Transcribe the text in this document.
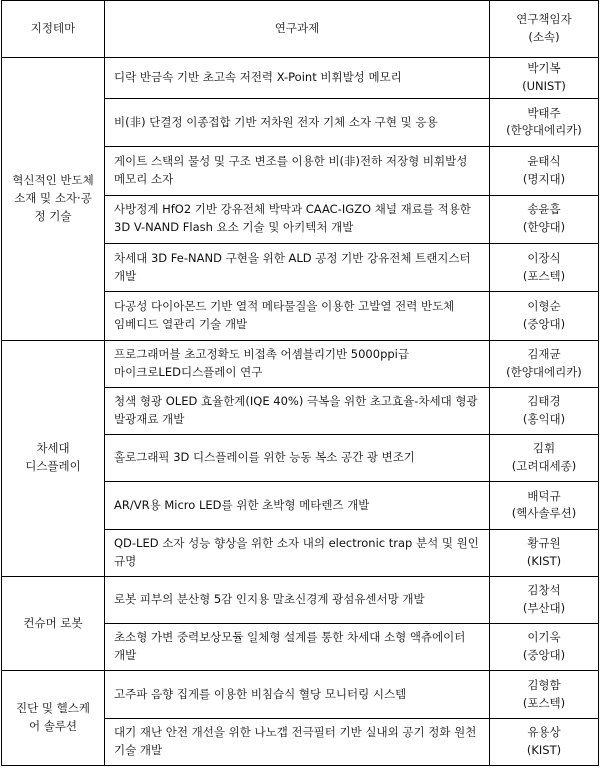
지정테마	연구과제	연구책임자
(소속)

혁신적인 반도체
소재 및 소자·공
정 기술	디락 반금속 기반 초고속 저전력 X-Point 비휘발성 메모리	박기복
(UNIST)

	비(非) 단결정 이종접합 기반 저차원 전자 기체 소자 구현 및 응용	박태주
(한양대에리카)

	게이트 스택의 물성 및 구조 변조를 이용한 비(非)전하 저장형 비휘발성 메모리 소자	윤태식
(명지대)

	사방정계 HfO2 기반 강유전체 박막과 CAAC-IGZO 채널 재료를 적용한 3D V-NAND Flash 요소 기술 및 아키텍처 개발	송윤흡
(한양대)

	차세대 3D Fe-NAND 구현을 위한 ALD 공정 기반 강유전체 트랜지스터 개발	이장식
(포스텍)

	다공성 다이아몬드 기반 열적 메타물질을 이용한 고발열 전력 반도체 임베디드 열관리 기술 개발	이형순
(중앙대)

차세대
디스플레이	프로그래머블 초고정확도 비접촉 어셈블리기반 5000ppi급 마이크로LED디스플레이 연구	김재균
(한양대에리카)

	청색 형광 OLED 효율한계(IQE 40%) 극복을 위한 초고효율-차세대 형광 발광재료 개발	김태경
(홍익대)

	홀로그래픽 3D 디스플레이를 위한 능동 복소 공간 광 변조기	김휘
(고려대세종)

	AR/VR용 Micro LED를 위한 초박형 메타렌즈 개발	배덕규
(헥사솔루션)

	QD-LED 소자 성능 향상을 위한 소자 내의 electronic trap 분석 및 원인 규명	황규원
(KIST)

컨슈머 로봇	로봇 피부의 분산형 5감 인지용 말초신경계 광섬유센서망 개발	김창석
(부산대)

	초소형 가변 중력보상모듈 일체형 설계를 통한 차세대 소형 액츄에이터 개발	이기욱
(중앙대)

진단 및 헬스케
어 솔루션	고주파 음향 집게를 이용한 비침습식 혈당 모니터링 시스템	김형함
(포스텍)

	대기 재난 안전 개선을 위한 나노갭 전극필터 기반 실내외 공기 정화 원천 기술 개발	유용상
(KIST)
